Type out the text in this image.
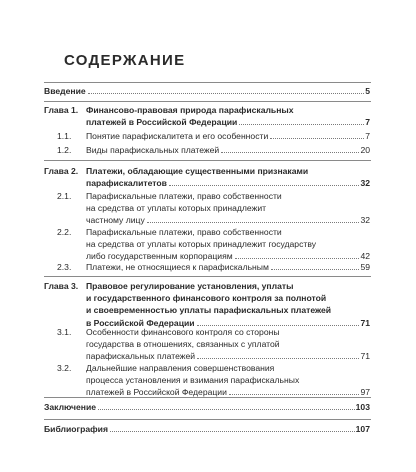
СОДЕРЖАНИЕ
Введение	5
Глава 1. Финансово-правовая природа парафискальных
платежей в Российской Федерации	7
1.1. Понятие парафискалитета и его особенности	7
1.2. Виды парафискальных платежей	20
Глава 2. Платежи, обладающие существенными признаками
парафискалитетов	32
2.1. Парафискальные платежи, право собственности
на средства от уплаты которых принадлежит
частному лицу	32
2.2. Парафискальные платежи, право собственности
на средства от уплаты которых принадлежит государству
либо государственным корпорациям	42
2.3. Платежи, не относящиеся к парафискальным	59
Глава 3. Правовое регулирование установления, уплаты
и государственного финансового контроля за полнотой
и своевременностью уплаты парафискальных платежей
в Российской Федерации	71
3.1. Особенности финансового контроля со стороны
государства в отношениях, связанных с уплатой
парафискальных платежей	71
3.2. Дальнейшие направления совершенствования
процесса установления и взимания парафискальных
платежей в Российской Федерации	97
Заключение	103
Библиография	107
